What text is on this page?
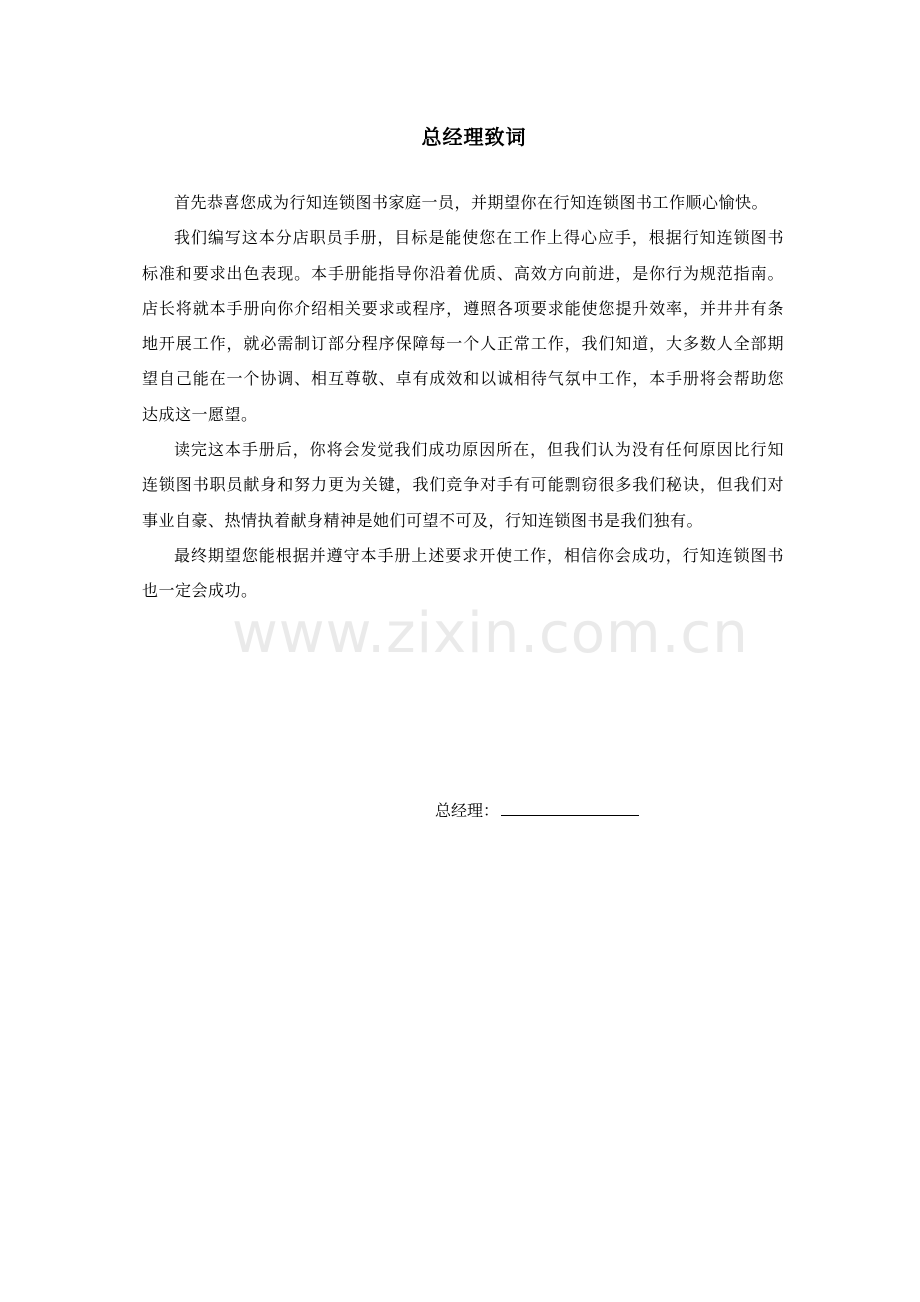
总经理致词

首先恭喜您成为行知连锁图书家庭一员，并期望你在行知连锁图书工作顺心愉快。

我们编写这本分店职员手册，目标是能使您在工作上得心应手，根据行知连锁图书标准和要求出色表现。本手册能指导你沿着优质、高效方向前进，是你行为规范指南。店长将就本手册向你介绍相关要求或程序，遵照各项要求能使您提升效率，并井井有条地开展工作，就必需制订部分程序保障每一个人正常工作，我们知道，大多数人全部期望自己能在一个协调、相互尊敬、卓有成效和以诚相待气氛中工作，本手册将会帮助您达成这一愿望。

读完这本手册后，你将会发觉我们成功原因所在，但我们认为没有任何原因比行知连锁图书职员献身和努力更为关键，我们竞争对手有可能剽窃很多我们秘诀，但我们对事业自豪、热情执着献身精神是她们可望不可及，行知连锁图书是我们独有。

最终期望您能根据并遵守本手册上述要求开使工作，相信你会成功，行知连锁图书也一定会成功。

www.zixin.com.cn
总经理：
